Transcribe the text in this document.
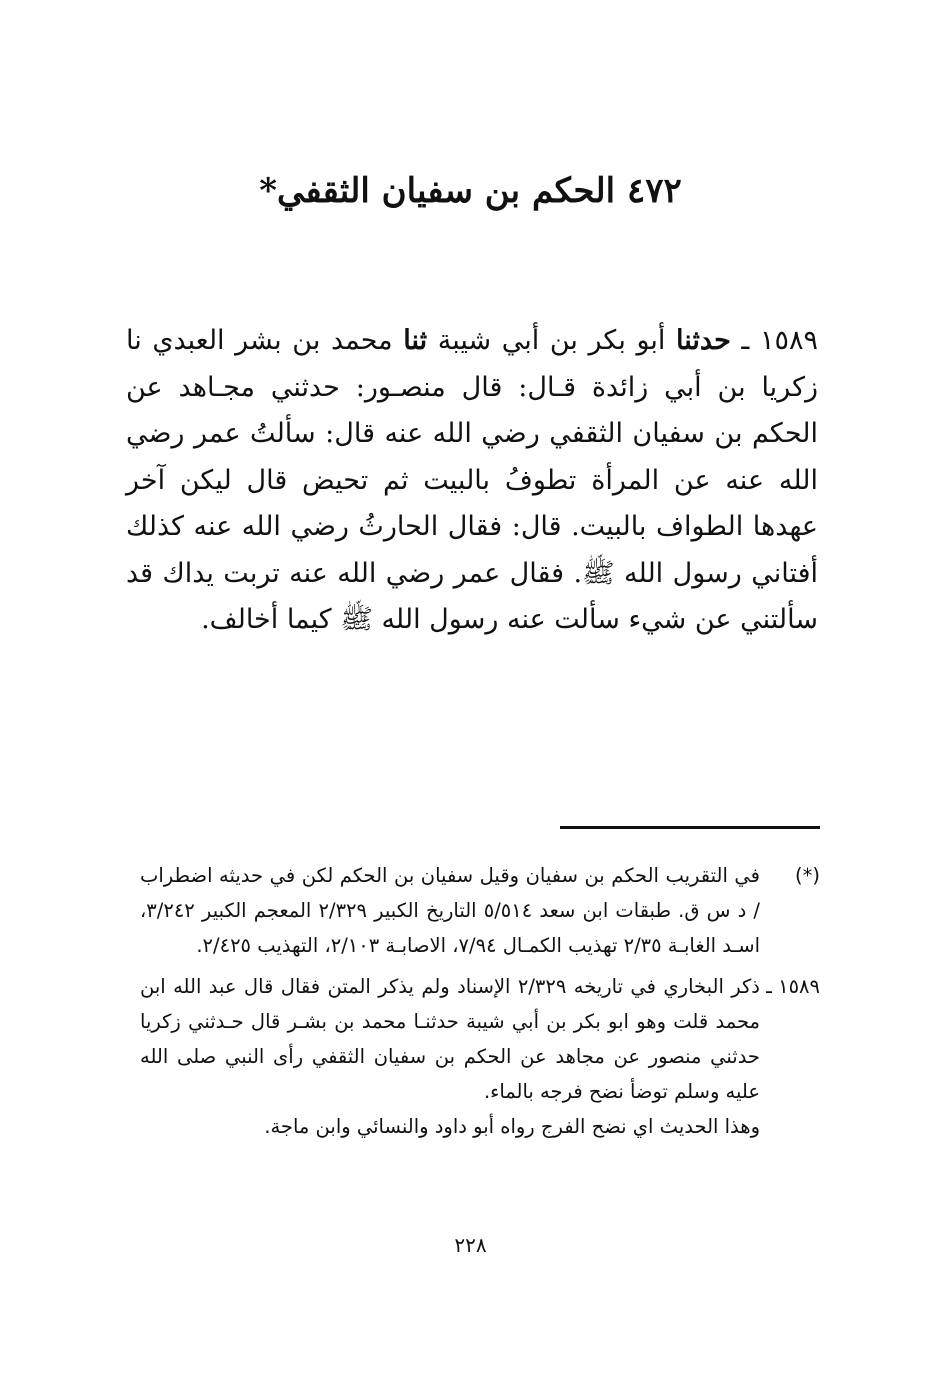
٤٧٢ الحكم بن سفيان الثقفي*
١٥٨٩ ـ حدثنا أبو بكر بن أبي شيبة ثنا محمد بن بشر العبدي نا زكريا بن أبي زائدة قـال: قال منصـور: حدثني مجـاهد عن الحكم بن سفيان الثقفي رضي الله عنه قال: سألتُ عمر رضي الله عنه عن المرأة تطوفُ بالبيت ثم تحيض قال ليكن آخر عهدها الطواف بالبيت. قال: فقال الحارثُ رضي الله عنه كذلك أفتاني رسول الله ﷺ. فقال عمر رضي الله عنه تربت يداك قد سألتني عن شيء سألت عنه رسول الله ﷺ كيما أخالف.
(*)
في التقريب الحكم بن سفيان وقيل سفيان بن الحكم لكن في حديثه اضطراب / د س ق. طبقات ابن سعد ٥/٥١٤ التاريخ الكبير ٢/٣٢٩ المعجم الكبير ٣/٢٤٢، اسـد الغابـة ٢/٣٥ تهذيب الكمـال ٧/٩٤، الاصابـة ٢/١٠٣، التهذيب ٢/٤٢٥.
١٥٨٩ ـ
ذكر البخاري في تاريخه ٢/٣٢٩ الإسناد ولم يذكر المتن فقال قال عبد الله ابن محمد قلت وهو ابو بكر بن أبي شيبة حدثنـا محمد بن بشـر قال حـدثني زكريا حدثني منصور عن مجاهد عن الحكم بن سفيان الثقفي رأى النبي صلى الله عليه وسلم توضأ نضح فرجه بالماء.
وهذا الحديث اي نضح الفرج رواه أبو داود والنسائي وابن ماجة.
٢٢٨
